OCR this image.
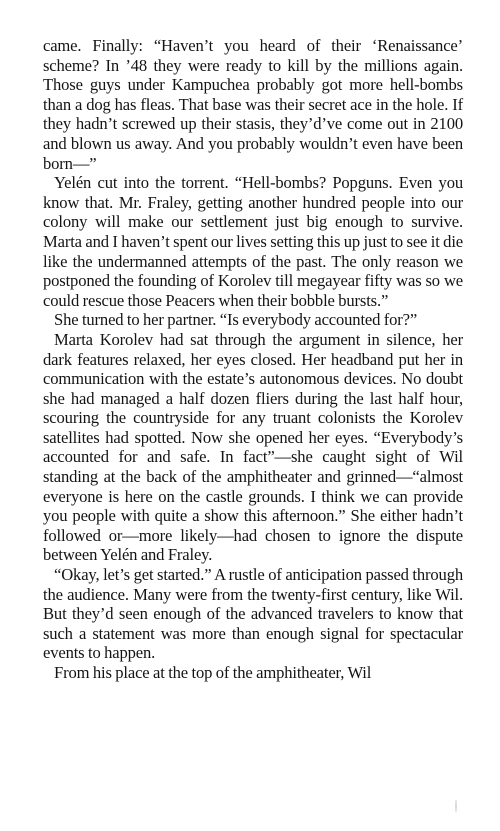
came. Finally: “Haven’t you heard of their ‘Renaissance’ scheme? In ’48 they were ready to kill by the millions again. Those guys under Kampuchea probably got more hell-bombs than a dog has fleas. That base was their secret ace in the hole. If they hadn’t screwed up their stasis, they’d’ve come out in 2100 and blown us away. And you probably wouldn’t even have been born—”

Yelén cut into the torrent. “Hell-bombs? Popguns. Even you know that. Mr. Fraley, getting another hundred people into our colony will make our settlement just big enough to survive. Marta and I haven’t spent our lives setting this up just to see it die like the undermanned attempts of the past. The only reason we postponed the founding of Korolev till megayear fifty was so we could rescue those Peacers when their bobble bursts.”

She turned to her partner. “Is everybody accounted for?”

Marta Korolev had sat through the argument in silence, her dark features relaxed, her eyes closed. Her headband put her in communication with the estate’s autonomous devices. No doubt she had managed a half dozen fliers during the last half hour, scouring the countryside for any truant colonists the Korolev satellites had spotted. Now she opened her eyes. “Everybody’s accounted for and safe. In fact”—she caught sight of Wil standing at the back of the amphitheater and grinned—“almost everyone is here on the castle grounds. I think we can provide you people with quite a show this afternoon.” She either hadn’t followed or—more likely—had chosen to ignore the dispute between Yelén and Fraley.

“Okay, let’s get started.” A rustle of anticipation passed through the audience. Many were from the twenty-first century, like Wil. But they’d seen enough of the advanced travelers to know that such a statement was more than enough signal for spectacular events to happen.

From his place at the top of the amphitheater, Wil
